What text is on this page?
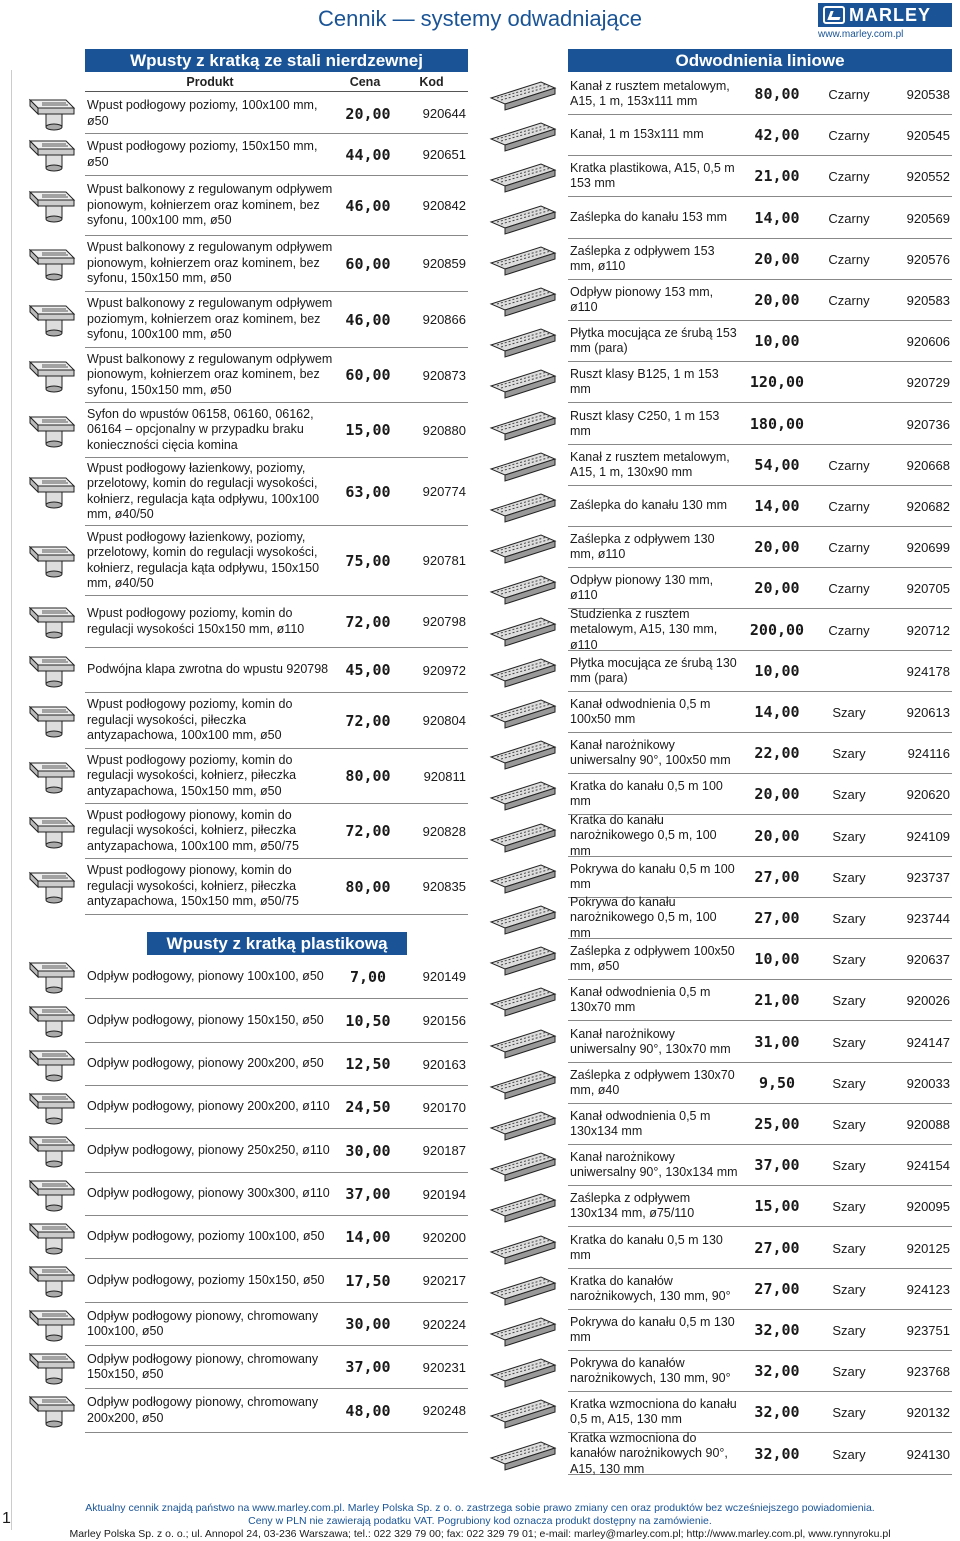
Cennik — systemy odwadniające	MARLEY
www.marley.com.pl
1
Wpusty z kratką ze stali nierdzewnej
Produkt	Cena	Kod
Wpusty z kratką plastikową
Wpust podłogowy poziomy, 100x100 mm, ø50	20,00	920644
Wpust podłogowy poziomy, 150x150 mm, ø50	44,00	920651
Wpust balkonowy z regulowanym odpływem pionowym, kołnierzem oraz kominem, bez syfonu, 100x100 mm, ø50
46,00	920842
Wpust balkonowy z regulowanym odpływem pionowym, kołnierzem oraz kominem, bez syfonu, 150x150 mm, ø50
60,00	920859
Wpust balkonowy z regulowanym odpływem poziomym, kołnierzem oraz kominem, bez syfonu, 100x100 mm, ø50
46,00	920866
Wpust balkonowy z regulowanym odpływem pionowym, kołnierzem oraz kominem, bez syfonu, 150x150 mm, ø50
60,00	920873
Syfon do wpustów 06158, 06160, 06162, 06164 – opcjonalny w przypadku braku konieczności cięcia komina
15,00	920880
Wpust podłogowy łazienkowy, poziomy, przelotowy, komin do regulacji wysokości, kołnierz, regulacja kąta odpływu, 100x100 mm, ø40/50
63,00	920774
Wpust podłogowy łazienkowy, poziomy, przelotowy, komin do regulacji wysokości, kołnierz, regulacja kąta odpływu, 150x150 mm, ø40/50
75,00	920781
Wpust podłogowy poziomy, komin do regulacji wysokości 150x150 mm, ø110	72,00	920798
Podwójna klapa zwrotna do wpustu 920798	45,00	920972
Wpust podłogowy poziomy, komin do regulacji wysokości, piłeczka antyzapachowa, 100x100 mm, ø50
72,00	920804
Wpust podłogowy poziomy, komin do regulacji wysokości, kołnierz, piłeczka antyzapachowa, 150x150 mm, ø50
80,00	920811
Wpust podłogowy pionowy, komin do regulacji wysokości, kołnierz, piłeczka antyzapachowa, 100x100 mm, ø50/75
72,00	920828
Wpust podłogowy pionowy, komin do regulacji wysokości, kołnierz, piłeczka antyzapachowa, 150x150 mm, ø50/75
80,00	920835
Odpływ podłogowy, pionowy 100x100, ø50	7,00	920149
Odpływ podłogowy, pionowy 150x150, ø50	10,50	920156
Odpływ podłogowy, pionowy 200x200, ø50	12,50	920163
Odpływ podłogowy, pionowy 200x200, ø110	24,50	920170
Odpływ podłogowy, pionowy 250x250, ø110	30,00	920187
Odpływ podłogowy, pionowy 300x300, ø110	37,00	920194
Odpływ podłogowy, poziomy 100x100, ø50	14,00	920200
Odpływ podłogowy, poziomy 150x150, ø50	17,50	920217
Odpływ podłogowy pionowy, chromowany 100x100, ø50	30,00	920224
Odpływ podłogowy pionowy, chromowany 150x150, ø50	37,00	920231
Odpływ podłogowy pionowy, chromowany 200x200, ø50	48,00	920248
Odwodnienia liniowe
Kanał z rusztem metalowym, A15, 1 m, 153x111 mm	80,00	Czarny	920538
Kanał, 1 m 153x111 mm	42,00	Czarny	920545
Kratka plastikowa, A15, 0,5 m 153 mm	21,00	Czarny	920552
Zaślepka do kanału 153 mm	14,00	Czarny	920569
Zaślepka z odpływem 153 mm, ø110	20,00	Czarny	920576
Odpływ pionowy 153 mm, ø110	20,00	Czarny	920583
Płytka mocująca ze śrubą 153 mm (para)	10,00	920606
Ruszt klasy B125, 1 m 153 mm	120,00	920729
Ruszt klasy C250, 1 m 153 mm	180,00	920736
Kanał z rusztem metalowym, A15, 1 m, 130x90 mm	54,00	Czarny	920668
Zaślepka do kanału 130 mm	14,00	Czarny	920682
Zaślepka z odpływem 130 mm, ø110	20,00	Czarny	920699
Odpływ pionowy 130 mm, ø110	20,00	Czarny	920705
Studzienka z rusztem metalowym, A15, 130 mm, ø110
200,00	Czarny	920712
Płytka mocująca ze śrubą 130 mm (para)	10,00	924178
Kanał odwodnienia 0,5 m 100x50 mm	14,00	Szary	920613
Kanał narożnikowy uniwersalny 90°, 100x50 mm	22,00	Szary	924116
Kratka do kanału 0,5 m 100 mm	20,00	Szary	920620
Kratka do kanału narożnikowego 0,5 m, 100 mm
20,00	Szary	924109
Pokrywa do kanału 0,5 m 100 mm	27,00	Szary	923737
Pokrywa do kanału narożnikowego 0,5 m, 100 mm
27,00	Szary	923744
Zaślepka z odpływem 100x50 mm, ø50	10,00	Szary	920637
Kanał odwodnienia 0,5 m 130x70 mm	21,00	Szary	920026
Kanał narożnikowy uniwersalny 90°, 130x70 mm	31,00	Szary	924147
Zaślepka z odpływem 130x70 mm, ø40	9,50	Szary	920033
Kanał odwodnienia 0,5 m 130x134 mm	25,00	Szary	920088
Kanał narożnikowy uniwersalny 90°, 130x134 mm	37,00	Szary	924154
Zaślepka z odpływem 130x134 mm, ø75/110	15,00	Szary	920095
Kratka do kanału 0,5 m 130 mm	27,00	Szary	920125
Kratka do kanałów narożnikowych, 130 mm, 90°	27,00	Szary	924123
Pokrywa do kanału 0,5 m 130 mm	32,00	Szary	923751
Pokrywa do kanałów narożnikowych, 130 mm, 90°	32,00	Szary	923768
Kratka wzmocniona do kanału 0,5 m, A15, 130 mm	32,00	Szary	920132
Kratka wzmocniona do kanałów narożnikowych 90°, A15, 130 mm
32,00	Szary	924130
Aktualny cennik znajdą państwo na www.marley.com.pl. Marley Polska Sp. z o. o. zastrzega sobie prawo zmiany cen oraz produktów bez wcześniejszego powiadomienia.
Ceny w PLN nie zawierają podatku VAT. Pogrubiony kod oznacza produkt dostępny na zamówienie.
Marley Polska Sp. z o. o.; ul. Annopol 24, 03-236 Warszawa; tel.: 022 329 79 00; fax: 022 329 79 01; e-mail: marley@marley.com.pl; http://www.marley.com.pl, www.rynnyroku.pl
